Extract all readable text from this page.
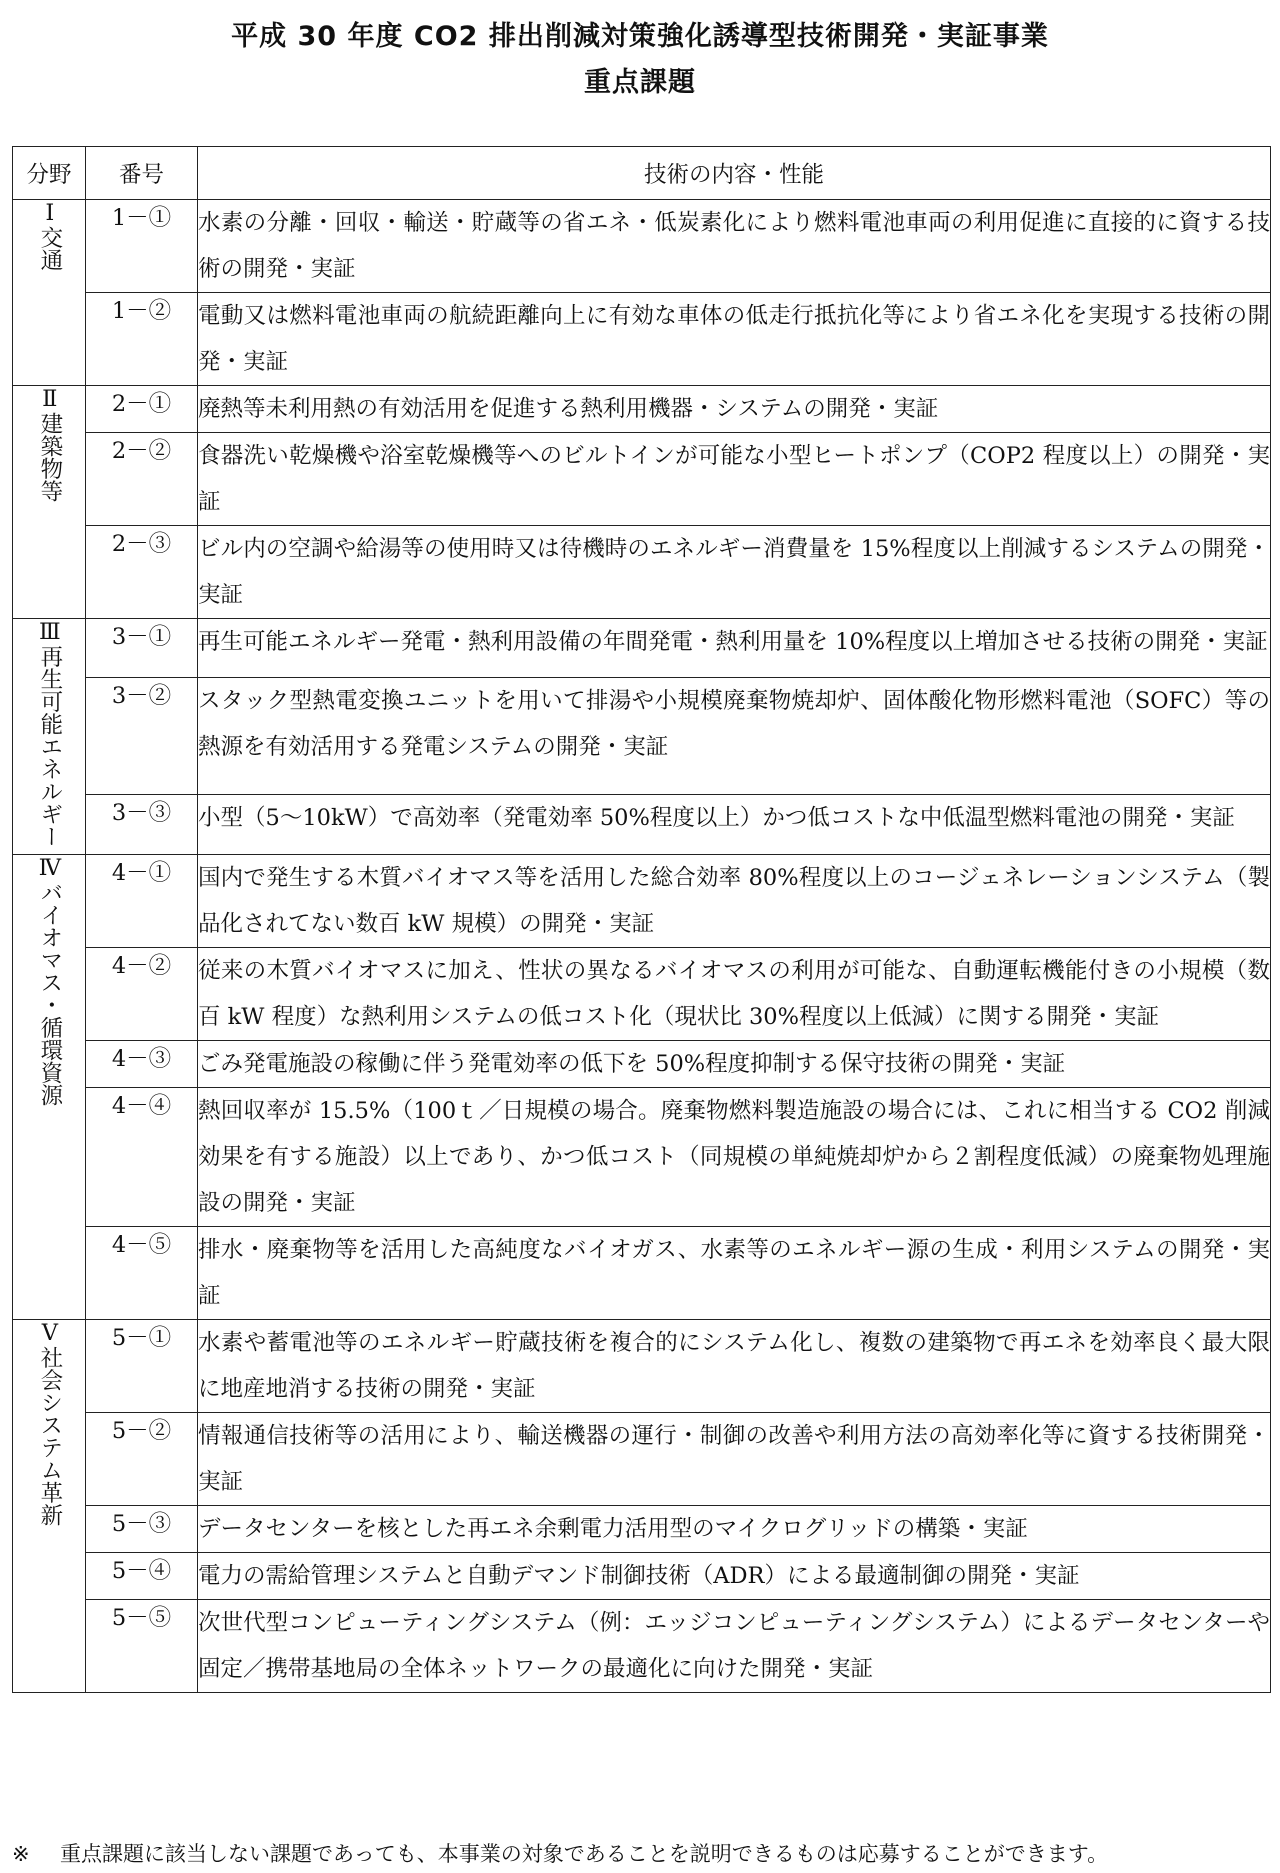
平成 30 年度 CO2 排出削減対策強化誘導型技術開発・実証事業
重点課題
分野	番号	技術の内容・性能
I交通	1－①	水素の分離・回収・輸送・貯蔵等の省エネ・低炭素化により燃料電池車両の利用促進に直接的に資する技術の開発・実証
	1－②	電動又は燃料電池車両の航続距離向上に有効な車体の低走行抵抗化等により省エネ化を実現する技術の開発・実証
Ⅱ建築物等	2－①	廃熱等未利用熱の有効活用を促進する熱利用機器・システムの開発・実証
	2－②	食器洗い乾燥機や浴室乾燥機等へのビルトインが可能な小型ヒートポンプ（COP2 程度以上）の開発・実証
	2－③	ビル内の空調や給湯等の使用時又は待機時のエネルギー消費量を 15%程度以上削減するシステムの開発・実証
Ⅲ再生可能エネルギー	3－①	再生可能エネルギー発電・熱利用設備の年間発電・熱利用量を 10%程度以上増加させる技術の開発・実証
	3－②	スタック型熱電変換ユニットを用いて排湯や小規模廃棄物焼却炉、固体酸化物形燃料電池（SOFC）等の熱源を有効活用する発電システムの開発・実証
	3－③	小型（5～10kW）で高効率（発電効率 50%程度以上）かつ低コストな中低温型燃料電池の開発・実証
Ⅳバイオマス・循環資源	4－①	国内で発生する木質バイオマス等を活用した総合効率 80%程度以上のコージェネレーションシステム（製品化されてない数百 kW 規模）の開発・実証
	4－②	従来の木質バイオマスに加え、性状の異なるバイオマスの利用が可能な、自動運転機能付きの小規模（数百 kW 程度）な熱利用システムの低コスト化（現状比 30%程度以上低減）に関する開発・実証
	4－③	ごみ発電施設の稼働に伴う発電効率の低下を 50%程度抑制する保守技術の開発・実証
	4－④	熱回収率が 15.5%（100ｔ／日規模の場合。廃棄物燃料製造施設の場合には、これに相当する CO2 削減効果を有する施設）以上であり、かつ低コスト（同規模の単純焼却炉から２割程度低減）の廃棄物処理施設の開発・実証
	4－⑤	排水・廃棄物等を活用した高純度なバイオガス、水素等のエネルギー源の生成・利用システムの開発・実証
Ⅴ社会システム革新	5－①	水素や蓄電池等のエネルギー貯蔵技術を複合的にシステム化し、複数の建築物で再エネを効率良く最大限に地産地消する技術の開発・実証
	5－②	情報通信技術等の活用により、輸送機器の運行・制御の改善や利用方法の高効率化等に資する技術開発・実証
	5－③	データセンターを核とした再エネ余剰電力活用型のマイクログリッドの構築・実証
	5－④	電力の需給管理システムと自動デマンド制御技術（ADR）による最適制御の開発・実証
	5－⑤	次世代型コンピューティングシステム（例：エッジコンピューティングシステム）によるデータセンターや固定／携帯基地局の全体ネットワークの最適化に向けた開発・実証
※ 重点課題に該当しない課題であっても、本事業の対象であることを説明できるものは応募することができます。
